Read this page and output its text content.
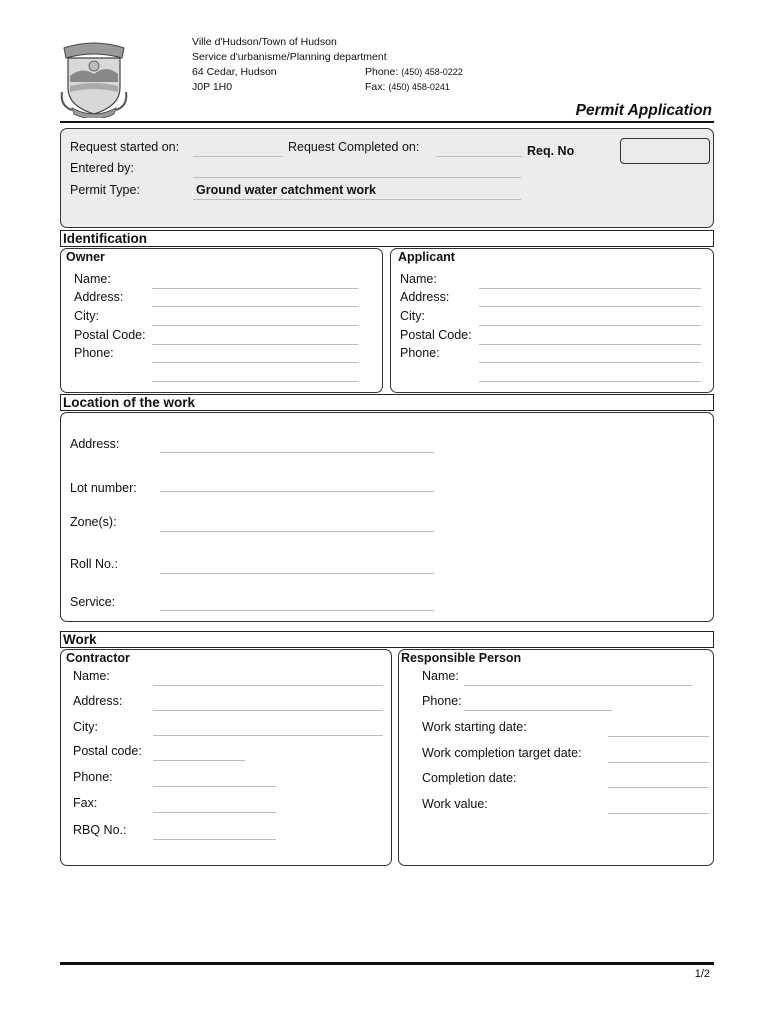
Ville d'Hudson/Town of Hudson
Service d'urbanisme/Planning department
64 Cedar, Hudson
J0P 1H0
Phone: (450) 458-0222
Fax: (450) 458-0241
Permit Application
Request started on:	Request Completed on:	Req. No
Entered by:
Permit Type:	Ground water catchment work
Identification
Owner	Applicant
Name:
Address:
City:
Postal Code:
Phone:
Name:
Address:
City:
Postal Code:
Phone:
Location of the work
Address:
Lot number:
Zone(s):
Roll No.:
Service:
Work
Contractor	Responsible Person
Name:
Address:
City:
Postal code:
Phone:
Fax:
RBQ No.:
Name:
Phone:
Work starting date:
Work completion target date:
Completion date:
Work value:
1/2
